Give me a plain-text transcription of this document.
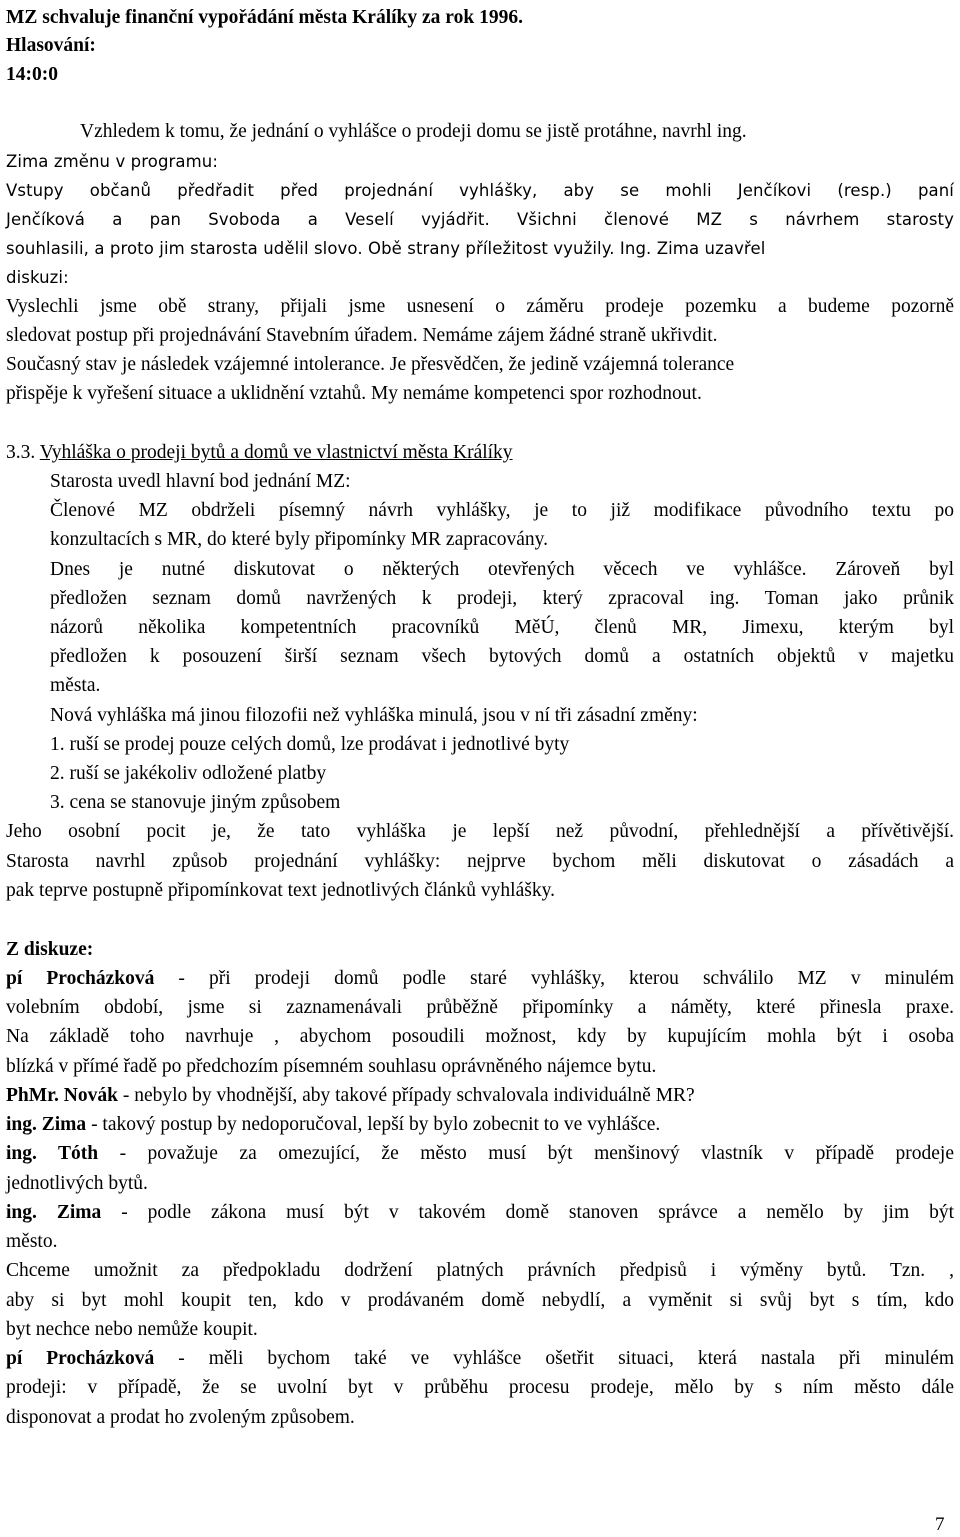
MZ schvaluje finanční vypořádání města Králíky za rok 1996.
Hlasování:
14:0:0
Vzhledem k tomu, že jednání o vyhlášce o prodeji domu se jistě protáhne, navrhl ing.
Zima změnu v programu:
Vstupy občanů předřadit před projednání vyhlášky, aby se mohli Jenčíkovi (resp.) paní
Jenčíková a pan Svoboda a Veselí vyjádřit. Všichni členové MZ s návrhem starosty
souhlasili, a proto jim starosta udělil slovo. Obě strany příležitost využily. Ing. Zima uzavřel
diskuzi:
Vyslechli jsme obě strany, přijali jsme usnesení o záměru prodeje pozemku a budeme pozorně
sledovat postup při projednávání Stavebním úřadem. Nemáme zájem žádné straně ukřivdit.
Současný stav je následek vzájemné intolerance. Je přesvědčen, že jedině vzájemná tolerance
přispěje k vyřešení situace a uklidnění vztahů. My nemáme kompetenci spor rozhodnout.
3.3. Vyhláška o prodeji bytů a domů ve vlastnictví města Králíky
Starosta uvedl hlavní bod jednání MZ:
Členové MZ obdrželi písemný návrh vyhlášky, je to již modifikace původního textu po
konzultacích s MR, do které byly připomínky MR zapracovány.
Dnes je nutné diskutovat o některých otevřených věcech ve vyhlášce. Zároveň byl
předložen seznam domů navržených k prodeji, který zpracoval ing. Toman jako průnik
názorů několika kompetentních pracovníků MěÚ, členů MR, Jimexu, kterým byl
předložen k posouzení širší seznam všech bytových domů a ostatních objektů v majetku
města.
Nová vyhláška má jinou filozofii než vyhláška minulá, jsou v ní tři zásadní změny:
1. ruší se prodej pouze celých domů, lze prodávat i jednotlivé byty
2. ruší se jakékoliv odložené platby
3. cena se stanovuje jiným způsobem
Jeho osobní pocit je, že tato vyhláška je lepší než původní, přehlednější a přívětivější.
Starosta navrhl způsob projednání vyhlášky: nejprve bychom měli diskutovat o zásadách a
pak teprve postupně připomínkovat text jednotlivých článků vyhlášky.
Z diskuze:
pí Procházková - při prodeji domů podle staré vyhlášky, kterou schválilo MZ v minulém
volebním období, jsme si zaznamenávali průběžně připomínky a náměty, které přinesla praxe.
Na základě toho navrhuje , abychom posoudili možnost, kdy by kupujícím mohla být i osoba
blízká v přímé řadě po předchozím písemném souhlasu oprávněného nájemce bytu.
PhMr. Novák - nebylo by vhodnější, aby takové případy schvalovala individuálně MR?
ing. Zima - takový postup by nedoporučoval, lepší by bylo zobecnit to ve vyhlášce.
ing. Tóth - považuje za omezující, že město musí být menšinový vlastník v případě prodeje
jednotlivých bytů.
ing. Zima - podle zákona musí být v takovém domě stanoven správce a nemělo by jim být
město.
Chceme umožnit za předpokladu dodržení platných právních předpisů i výměny bytů. Tzn. ,
aby si byt mohl koupit ten, kdo v prodávaném domě nebydlí, a vyměnit si svůj byt s tím, kdo
byt nechce nebo nemůže koupit.
pí Procházková - měli bychom také ve vyhlášce ošetřit situaci, která nastala při minulém
prodeji: v případě, že se uvolní byt v průběhu procesu prodeje, mělo by s ním město dále
disponovat a prodat ho zvoleným způsobem.
7
